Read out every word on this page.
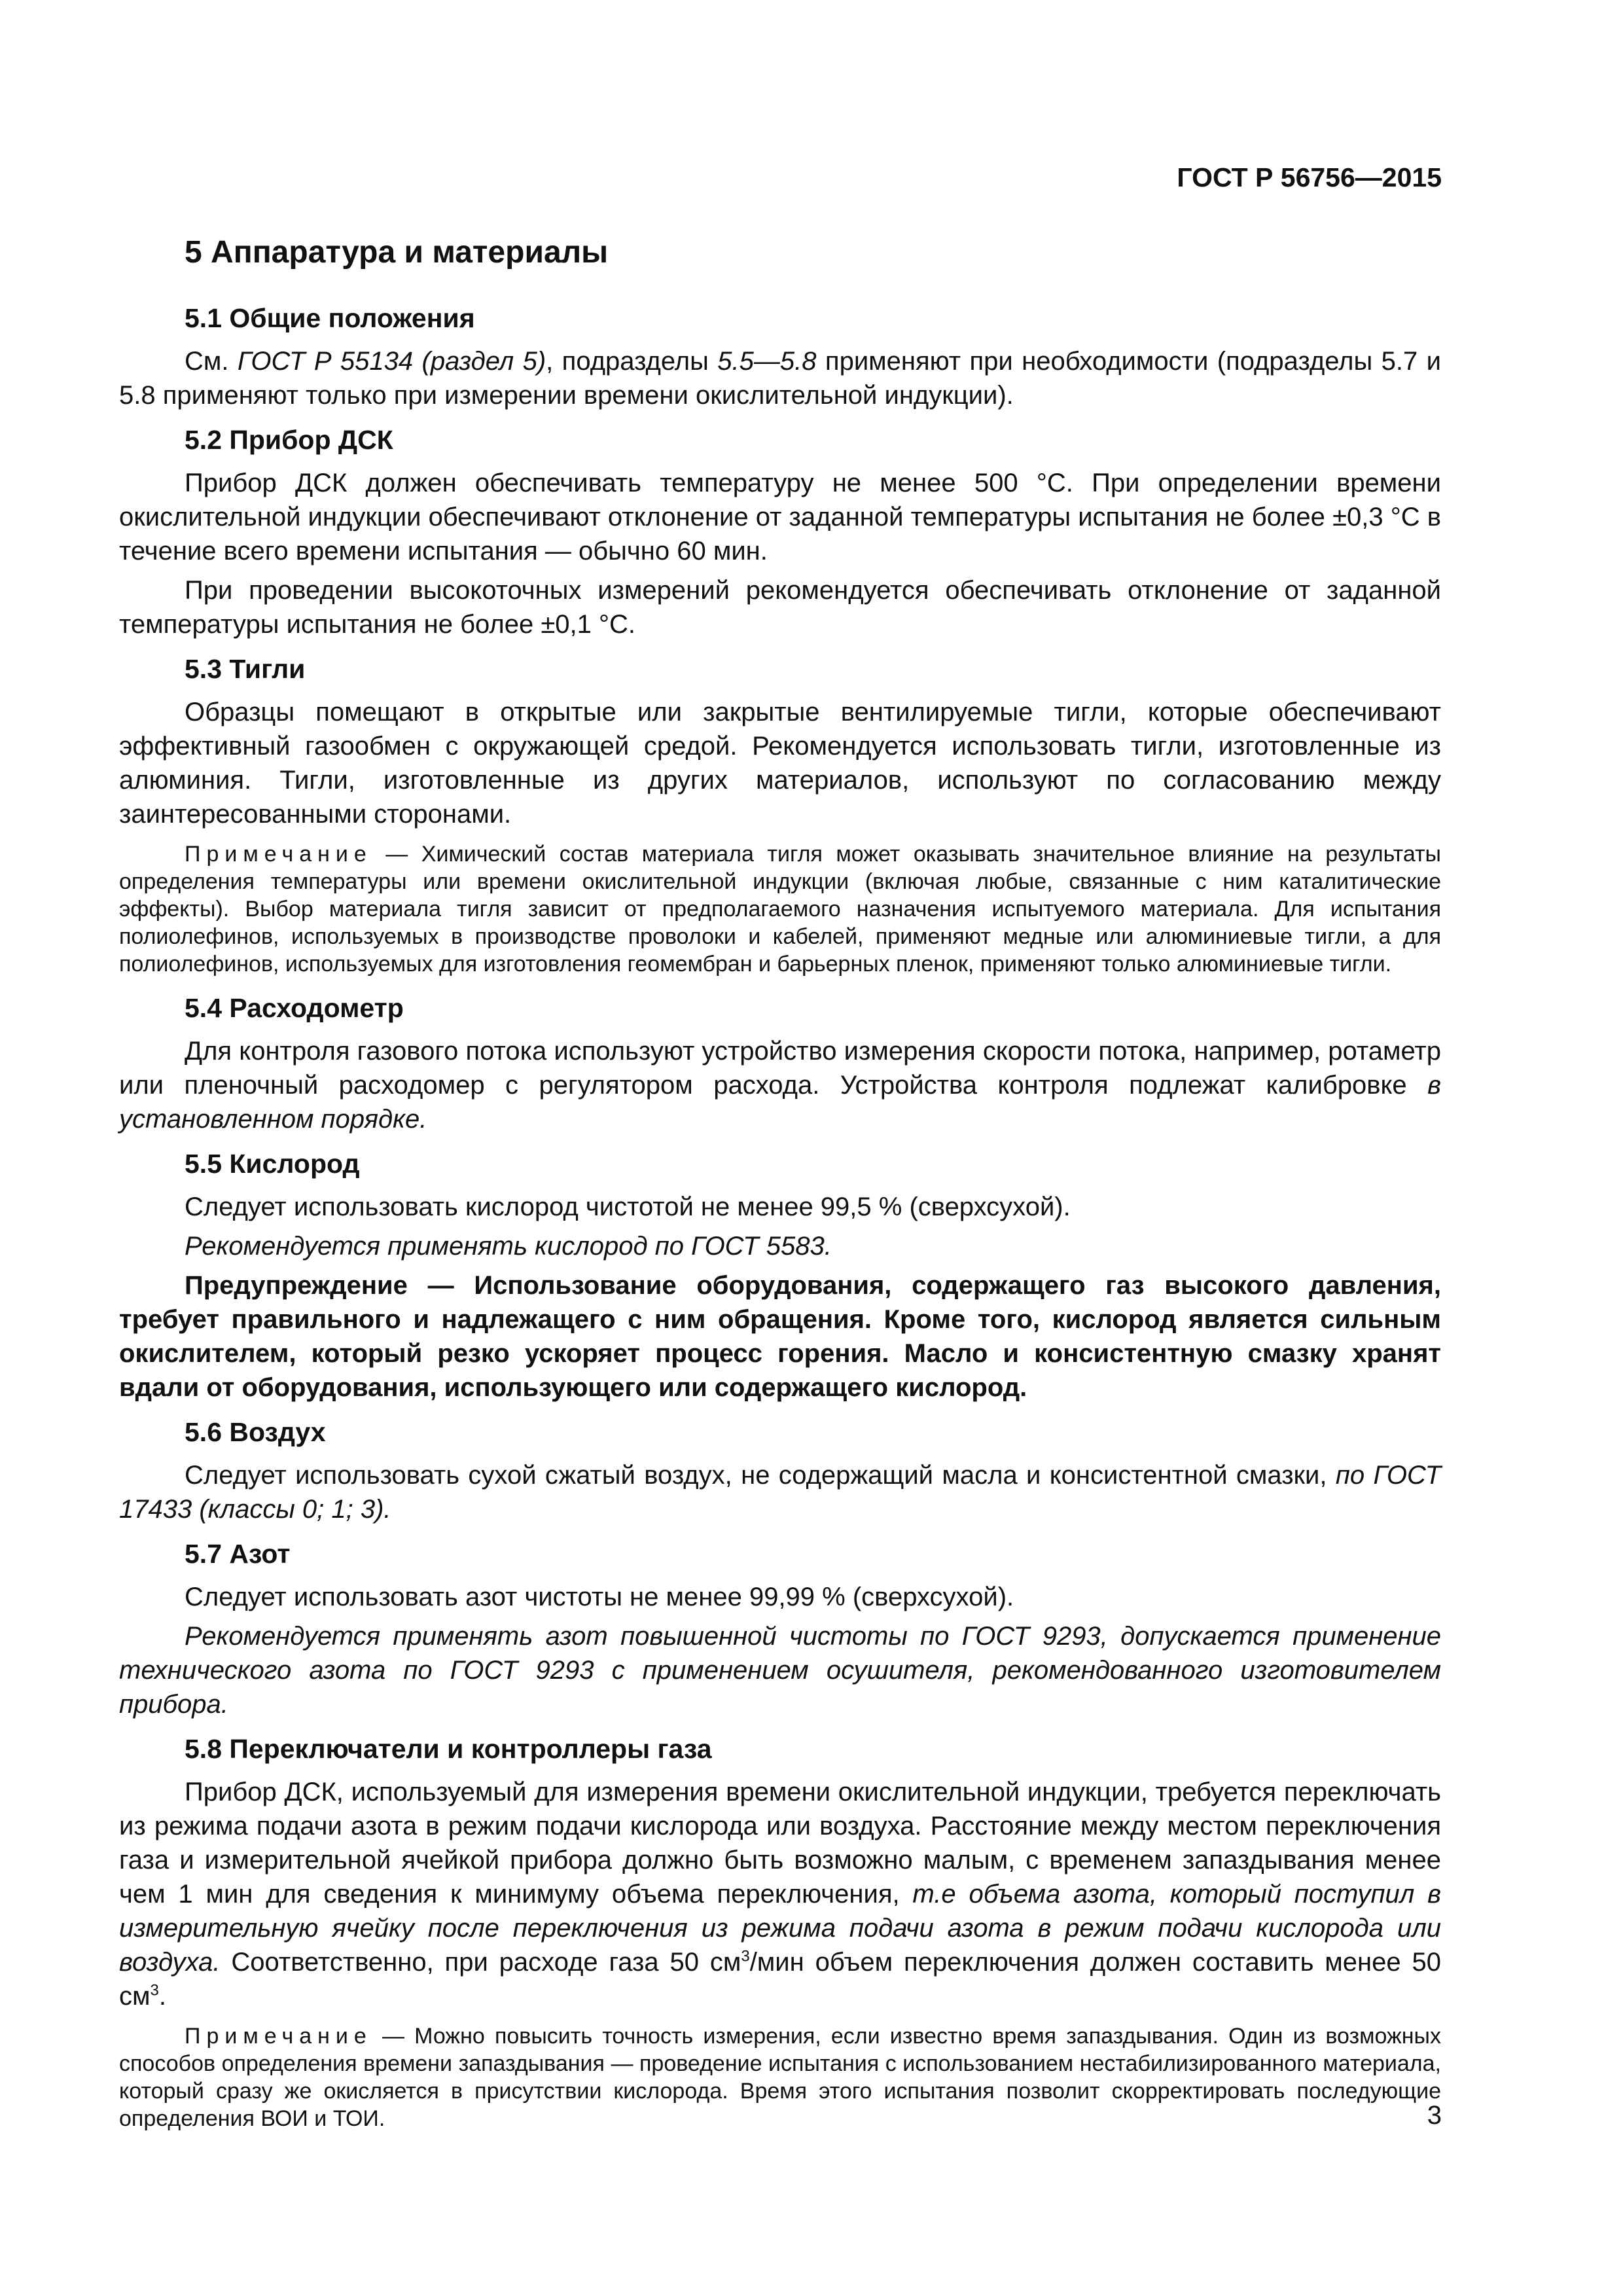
ГОСТ Р 56756—2015
5 Аппаратура и материалы
5.1 Общие положения

См. ГОСТ Р 55134 (раздел 5), подразделы 5.5—5.8 применяют при необходимости (подразделы 5.7 и 5.8 применяют только при измерении времени окислительной индукции).

5.2 Прибор ДСК

Прибор ДСК должен обеспечивать температуру не менее 500 °С. При определении времени окислительной индукции обеспечивают отклонение от заданной температуры испытания не более ±0,3 °С в течение всего времени испытания — обычно 60 мин.

При проведении высокоточных измерений рекомендуется обеспечивать отклонение от заданной температуры испытания не более ±0,1 °С.

5.3 Тигли

Образцы помещают в открытые или закрытые вентилируемые тигли, которые обеспечивают эффективный газообмен с окружающей средой. Рекомендуется использовать тигли, изготовленные из алюминия. Тигли, изготовленные из других материалов, используют по согласованию между заинтересованными сторонами.

Примечание — Химический состав материала тигля может оказывать значительное влияние на результаты определения температуры или времени окислительной индукции (включая любые, связанные с ним каталитические эффекты). Выбор материала тигля зависит от предполагаемого назначения испытуемого материала. Для испытания полиолефинов, используемых в производстве проволоки и кабелей, применяют медные или алюминиевые тигли, а для полиолефинов, используемых для изготовления геомембран и барьерных пленок, применяют только алюминиевые тигли.

5.4 Расходометр

Для контроля газового потока используют устройство измерения скорости потока, например, ротаметр или пленочный расходомер с регулятором расхода. Устройства контроля подлежат калибровке в установленном порядке.

5.5 Кислород

Следует использовать кислород чистотой не менее 99,5 % (сверхсухой).

Рекомендуется применять кислород по ГОСТ 5583.

Предупреждение — Использование оборудования, содержащего газ высокого давления, требует правильного и надлежащего с ним обращения. Кроме того, кислород является сильным окислителем, который резко ускоряет процесс горения. Масло и консистентную смазку хранят вдали от оборудования, использующего или содержащего кислород.

5.6 Воздух

Следует использовать сухой сжатый воздух, не содержащий масла и консистентной смазки, по ГОСТ 17433 (классы 0; 1; 3).

5.7 Азот

Следует использовать азот чистоты не менее 99,99 % (сверхсухой).

Рекомендуется применять азот повышенной чистоты по ГОСТ 9293, допускается применение технического азота по ГОСТ 9293 с применением осушителя, рекомендованного изготовителем прибора.

5.8 Переключатели и контроллеры газа

Прибор ДСК, используемый для измерения времени окислительной индукции, требуется переключать из режима подачи азота в режим подачи кислорода или воздуха. Расстояние между местом переключения газа и измерительной ячейкой прибора должно быть возможно малым, с временем запаздывания менее чем 1 мин для сведения к минимуму объема переключения, т.е объема азота, который поступил в измерительную ячейку после переключения из режима подачи азота в режим подачи кислорода или воздуха. Соответственно, при расходе газа 50 $см^3$/мин объем переключения должен составить менее 50 $см^3$.

Примечание — Можно повысить точность измерения, если известно время запаздывания. Один из возможных способов определения времени запаздывания — проведение испытания с использованием нестабилизированного материала, который сразу же окисляется в присутствии кислорода. Время этого испытания позволит скорректировать последующие определения ВОИ и ТОИ.	3
